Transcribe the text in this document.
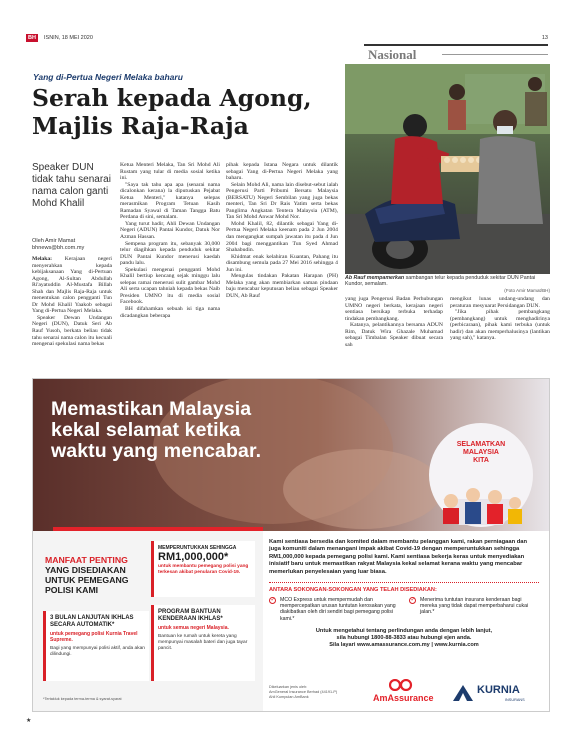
BH	ISNIN, 18 MEI 2020	13
Nasional
Yang di-Pertua Negeri Melaka baharu
Serah kepada Agong,
Majlis Raja-Raja
Ab Rauf mempamerkan sambangan telur kepada penduduk sekitar DUN Pantai Kundor, semalam.
(Foto Amir Mamat/BH)
Speaker DUN tidak tahu senarai nama calon ganti Mohd Khalil
Oleh Amir Mamat
bhnews@bh.com.my

Melaka: Kerajaan negeri menyerahkan kepada kebijaksanaan Yang di-Pertuan Agong, Al-Sultan Abdullah Ri'ayatuddin Al-Mustafa Billah Shah dan Majlis Raja-Raja untuk menentukan calon pengganti Tun Dr Mohd Khalil Yaakob sebagai Yang di-Pertua Negeri Melaka.

Speaker Dewan Undangan Negeri (DUN), Datuk Seri Ab Rauf Yusoh, berkata beliau tidak tahu senarai nama calon itu kecuali mengenai spekulasi nama bekas

Ketua Menteri Melaka, Tan Sri Mohd Ali Rustam yang tular di media sosial ketika ini.

"Saya tak tahu apa apa (senarai nama dicalonkan kerana) la diputuskan Pejabat Ketua Menteri," katanya selepas merasmikan Program Tetuan Kasih Ramadan Syawal di Taman Tangga Batu Perdana di sini, semalam.

Yang turut hadir, Ahli Dewan Undangan Negeri (ADUN) Pantai Kundor, Datuk Nor Azman Hassan.

Sempena program itu, sebanyak 30,000 telur diagihkan kepada penduduk sekitar DUN Pantai Kundor menerusi kaedah pandu lalu.

Spekulasi mengenai pengganti Mohd Khalil bertiup kencang sejak minggu lalu selepas ramai menerusi sulit gambar Mohd Ali serta ucapan tahniah kepada bekas Naib Presiden UMNO itu di media sosial Facebook.

BH difahamkan sebuah isi tiga nama dicadangkan beberapa

pihak kepada Istana Negara untuk dilantik sebagai Yang di-Pertua Negeri Melaka yang baharu.

Selain Mohd Ali, nama lain disebut-sebut ialah Pengerusi Parti Pribumi Bersatu Malaysia (BERSATU) Negeri Sembilan yang juga bekas menteri, Tan Sri Dr Rais Yatim serta bekas Panglima Angkatan Tentera Malaysia (ATM), Tan Sri Mohd Anwar Mohd Nor.

Mohd Khalil, 82, dilantik sebagai Yang di-Pertua Negeri Melaka keenam pada 2 Jun 2004 dan mengangkat sumpah jawatan itu pada 4 Jun 2004 bagi menggantikan Tun Syed Ahmad Shahabudin.

Khidmat enak kelahiran Kuantan, Pahang itu disambung semula pada 27 Mei 2016 sehingga 4 Jun ini.

Mengulas tindakan Pakatan Harapan (PH) Melaka yang akan membiarkan saman pindaan baju mencabar keputusan beliau sebagai Speaker DUN, Ab Rauf

yang juga Pengerusi Badan Perhubungan UMNO negeri berkata, kerajaan negeri sentiasa bersikap terbuka terhadap tindakan pembangkang.

Katanya, pelantikannya bersama ADUN Rim, Datuk Wira Ghazale Muhamad sebagai Timbalan Speaker dibuat secara sah

mengikut lunas undang-undang dan peraturan mesyuarat Persidangan DUN.

"Jika pihak pembangkang (pembangkang) untuk menghadirinya (perbicaraan), pihak kami terbuka (untuk hadir) dan akan memperhalusinya (lantikan yang sah)," katanya.

Memastikan Malaysia
kekal selamat ketika
waktu yang mencabar.	SELAMATKAN
MALAYSIA
KITA
MANFAAT PENTING
YANG DISEDIAKAN
UNTUK PEMEGANG
POLISI KAMI
MEMPERUNTUKKAN SEHINGGA
RM1,000,000*
untuk membantu pemegang polisi yang terkesan akibat penularan Covid-19.
3 BULAN LANJUTAN IKHLAS SECARA AUTOMATIK*
untuk pemegang polisi Kurnia Travel Supreme.
Bagi yang mempunyai polisi aktif, anda akan dilindungi.
PROGRAM BANTUAN KENDERAAN IKHLAS*
untuk semua negeri Malaysia.
Bantuan ke rumah untuk kereta yang mempunyai masalah bateri dan juga tayar pancit.
*Tertakluk kepada terma-terma & syarat-syarat
Kami sentiasa bersedia dan komited dalam membantu pelanggan kami, rakan perniagaan dan juga komuniti dalam menangani impak akibat Covid-19 dengan memperuntukkan sehingga RM1,000,000 kepada pemegang polisi kami. Kami sentiasa bekerja keras untuk menyediakan inisiatif baru untuk memastikan rakyat Malaysia kekal selamat kerana waktu yang mencabar memerlukan penyelesaian yang luar biasa.
ANTARA SOKONGAN-SOKONGAN YANG TELAH DISEDIAKAN:
✓
MCO Express untuk mempermudah dan mempercepatkan urusan tuntutan kerosakan yang diakibatkan oleh diri sendiri bagi pemegang polisi kami.*
✓
Menerima tuntutan insurans kenderaan bagi mereka yang tidak dapat memperbaharui cukai jalan.*
Untuk mengetahui tentang perlindungan anda dengan lebih lanjut,
sila hubungi 1800-88-3833 atau hubungi ejen anda.
Sila layari www.amassurance.com.my | www.kurnia.com
Dikeluarkan jenis oleh:
AmGeneral Insurance Berhad (44191-P)
Ahli Kumpulan AmBank	AmAssurance
KURNIA
INSURANS
★
